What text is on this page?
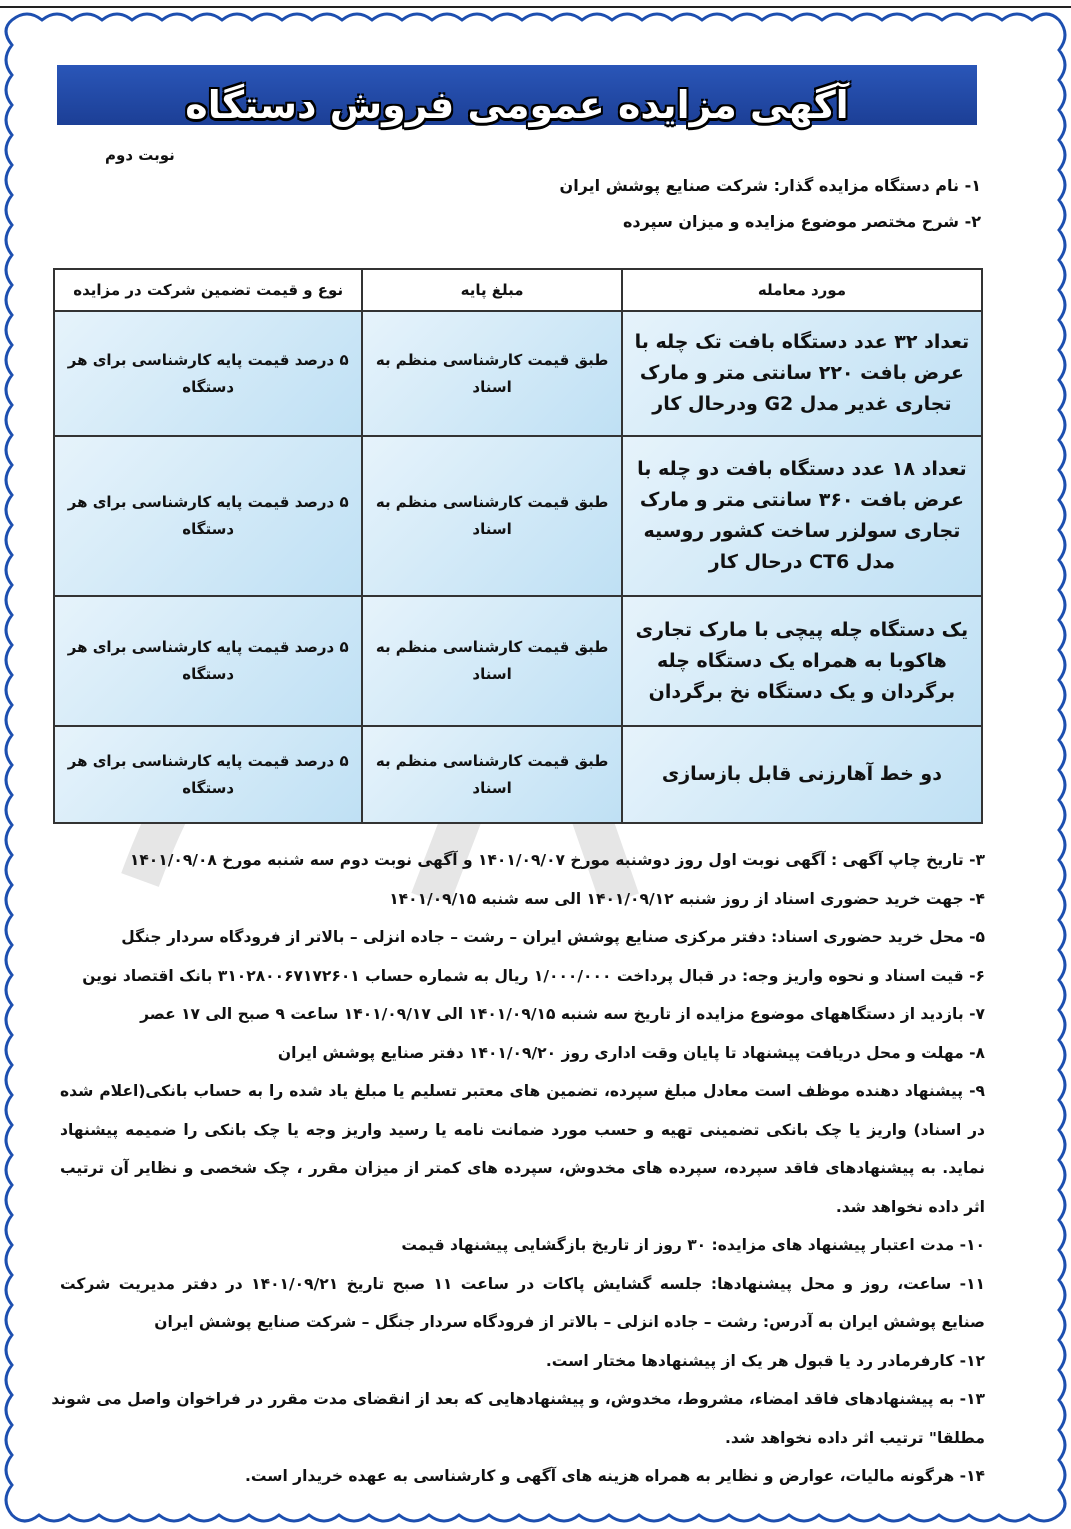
آگهی مزایده عمومی فروش دستگاه
نوبت دوم
۱- نام دستگاه مزایده گذار: شرکت صنایع پوشش ایران
۲- شرح مختصر موضوع مزایده و میزان سپرده
مورد معامله	مبلغ پایه	نوع و قیمت تضمین شرکت در مزایده
تعداد ۳۲ عدد دستگاه بافت تک چله با عرض بافت ۲۲۰ سانتی متر و مارک تجاری غدیر مدل G2 ودرحال کار	طبق قیمت کارشناسی منظم به اسناد	۵ درصد قیمت پایه کارشناسی برای هر دستگاه
تعداد ۱۸ عدد دستگاه بافت دو چله با عرض بافت ۳۶۰ سانتی متر و مارک تجاری سولزر ساخت کشور روسیه مدل CT6 درحال کار	طبق قیمت کارشناسی منظم به اسناد	۵ درصد قیمت پایه کارشناسی برای هر دستگاه
یک دستگاه چله پیچی با مارک تجاری هاکوبا به همراه یک دستگاه چله برگردان و یک دستگاه نخ برگردان	طبق قیمت کارشناسی منظم به اسناد	۵ درصد قیمت پایه کارشناسی برای هر دستگاه
دو خط آهارزنی قابل بازسازی	طبق قیمت کارشناسی منظم به اسناد	۵ درصد قیمت پایه کارشناسی برای هر دستگاه
۳- تاریخ چاپ آگهی : آگهی نوبت اول روز دوشنبه مورخ ۱۴۰۱/۰۹/۰۷ و آگهی نوبت دوم سه شنبه مورخ ۱۴۰۱/۰۹/۰۸
۴- جهت خرید حضوری اسناد از روز شنبه ۱۴۰۱/۰۹/۱۲ الی سه شنبه ۱۴۰۱/۰۹/۱۵
۵- محل خرید حضوری اسناد: دفتر مرکزی صنایع پوشش ایران – رشت – جاده انزلی – بالاتر از فرودگاه سردار جنگل
۶- قیت اسناد و نحوه واریز وجه: در قبال پرداخت ۱/۰۰۰/۰۰۰ ریال به شماره حساب ۳۱۰۲۸۰۰۶۷۱۷۲۶۰۱ بانک اقتصاد نوین
۷- بازدید از دستگاههای موضوع مزایده از تاریخ سه شنبه ۱۴۰۱/۰۹/۱۵ الی ۱۴۰۱/۰۹/۱۷ ساعت ۹ صبح الی ۱۷ عصر
۸- مهلت و محل دریافت پیشنهاد تا پایان وقت اداری روز ۱۴۰۱/۰۹/۲۰ دفتر صنایع پوشش ایران
۹- پیشنهاد دهنده موظف است معادل مبلغ سپرده، تضمین های معتبر تسلیم یا مبلغ یاد شده را به حساب بانکی(اعلام شده
در اسناد) واریز یا چک بانکی تضمینی تهیه و حسب مورد ضمانت نامه یا رسید واریز وجه یا چک بانکی را ضمیمه پیشنهاد
نماید. به پیشنهادهای فاقد سپرده، سپرده های مخدوش، سپرده های کمتر از میزان مقرر ، چک شخصی و نظایر آن ترتیب
اثر داده نخواهد شد.
۱۰- مدت اعتبار پیشنهاد های مزایده: ۳۰ روز از تاریخ بازگشایی پیشنهاد قیمت
۱۱- ساعت، روز و محل پیشنهادها: جلسه گشایش پاکات در ساعت ۱۱ صبح تاریخ ۱۴۰۱/۰۹/۲۱ در دفتر مدیریت شرکت
صنایع پوشش ایران به آدرس: رشت – جاده انزلی – بالاتر از فرودگاه سردار جنگل – شرکت صنایع پوشش ایران
۱۲- کارفرمادر رد یا قبول هر یک از پیشنهادها مختار است.
۱۳- به پیشنهادهای فاقد امضاء، مشروط، مخدوش، و پیشنهادهایی که بعد از انقضای مدت مقرر در فراخوان واصل می شوند
مطلقا" ترتیب اثر داده نخواهد شد.
۱۴- هرگونه مالیات، عوارض و نظایر به همراه هزینه های آگهی و کارشناسی به عهده خریدار است.
